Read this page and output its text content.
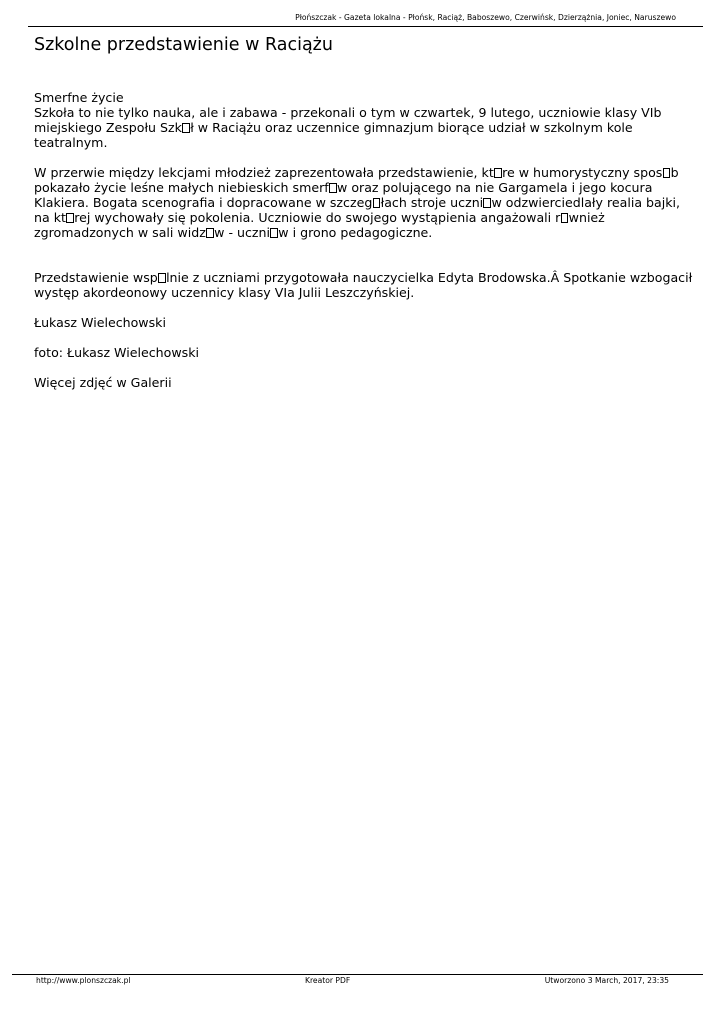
Płońszczak - Gazeta lokalna - Płońsk, Raciąż, Baboszewo, Czerwińsk, Dzierzążnia, Joniec, Naruszewo
Szkolne przedstawienie w Raciążu

Smerfne życie

Szkoła to nie tylko nauka, ale i zabawa - przekonali o tym w czwartek, 9 lutego, uczniowie klasy VIb miejskiego Zespołu Szk ł w Raciążu oraz uczennice gimnazjum biorące udział w szkolnym kole teatralnym.

W przerwie między lekcjami młodzież zaprezentowała przedstawienie, kt re w humorystyczny spos b pokazało życie leśne małych niebieskich smerf w oraz polującego na nie Gargamela i jego kocura Klakiera. Bogata scenografia i dopracowane w szczeg łach stroje uczni w odzwierciedlały realia bajki, na kt rej wychowały się pokolenia. Uczniowie do swojego wystąpienia angażowali r wnież zgromadzonych w sali widz w - uczni w i grono pedagogiczne.

Przedstawienie wsp lnie z uczniami przygotowała nauczycielka Edyta Brodowska.Â Spotkanie wzbogacił występ akordeonowy uczennicy klasy VIa Julii Leszczyńskiej.

Łukasz Wielechowski

foto: Łukasz Wielechowski

Więcej zdjęć w Galerii

http://www.plonszczak.pl	Kreator PDF	Utworzono 3 March, 2017, 23:35
